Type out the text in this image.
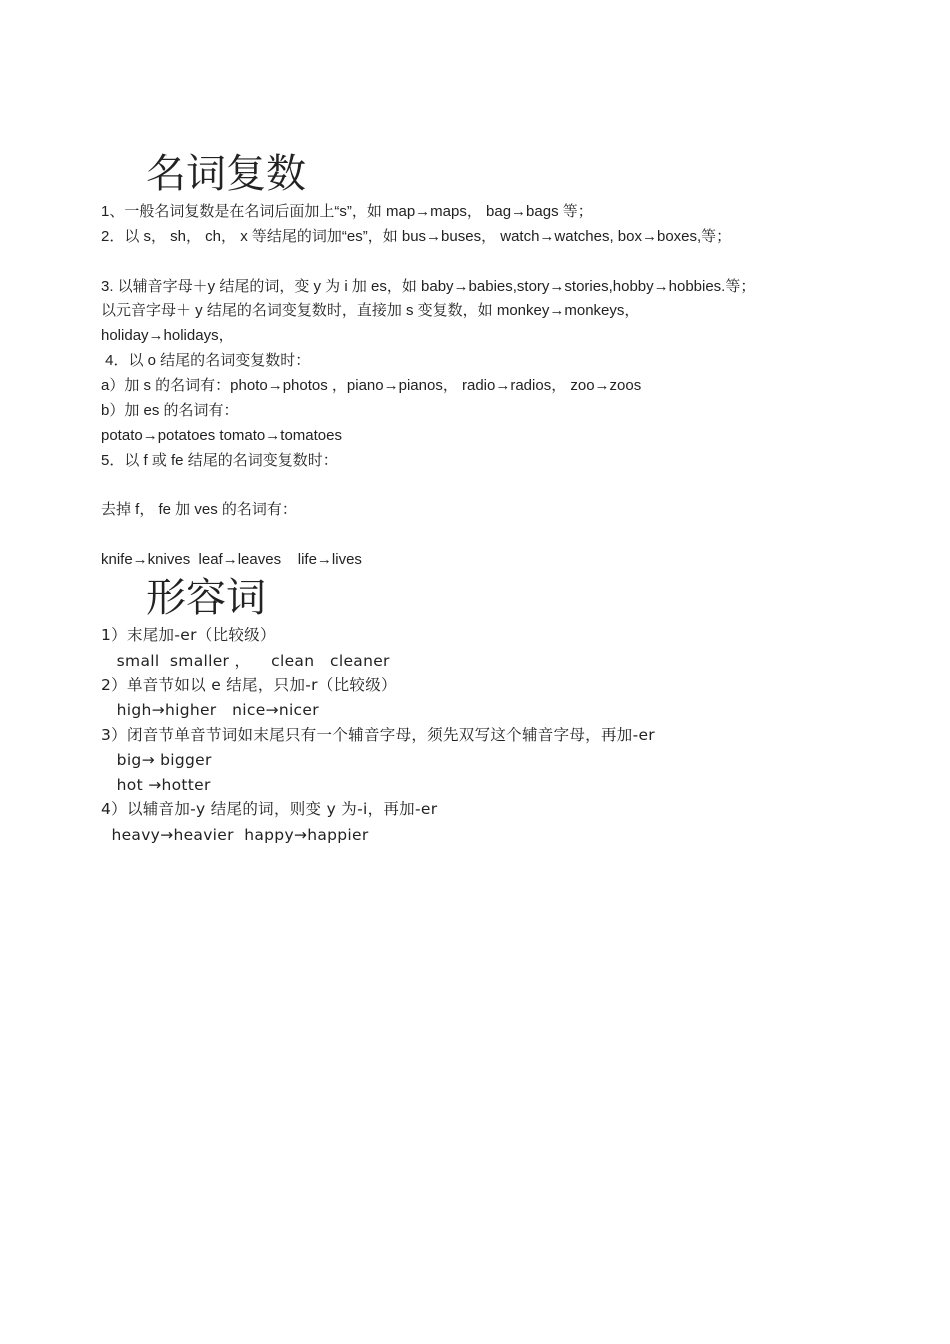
名词复数
1、一般名词复数是在名词后面加上“s”，如 map→maps， bag→bags 等；
2．以 s， sh， ch， x 等结尾的词加“es”，如 bus→buses， watch→watches, box→boxes,等；
3. 以辅音字母＋y 结尾的词，变 y 为 i 加 es，如 baby→babies,story→stories,hobby→hobbies.等；
以元音字母＋ y 结尾的名词变复数时，直接加 s 变复数，如 monkey→monkeys，
holiday→holidays，
4．以 o 结尾的名词变复数时：
a）加 s 的名词有：photo→photos ，piano→pianos， radio→radios， zoo→zoos
b）加 es 的名词有：
potato→potatoes tomato→tomatoes
5．以 f 或 fe 结尾的名词变复数时：
去掉 f， fe 加 ves 的名词有：
knife→knives  leaf→leaves    life→lives
形容词
1）末尾加-er（比较级）
small  smaller ，    clean   cleaner
2）单音节如以 e 结尾，只加-r（比较级）
high→higher   nice→nicer
3）闭音节单音节词如末尾只有一个辅音字母，须先双写这个辅音字母，再加-er
big→ bigger
hot →hotter
4）以辅音加-y 结尾的词，则变 y 为-i，再加-er
heavy→heavier  happy→happier
